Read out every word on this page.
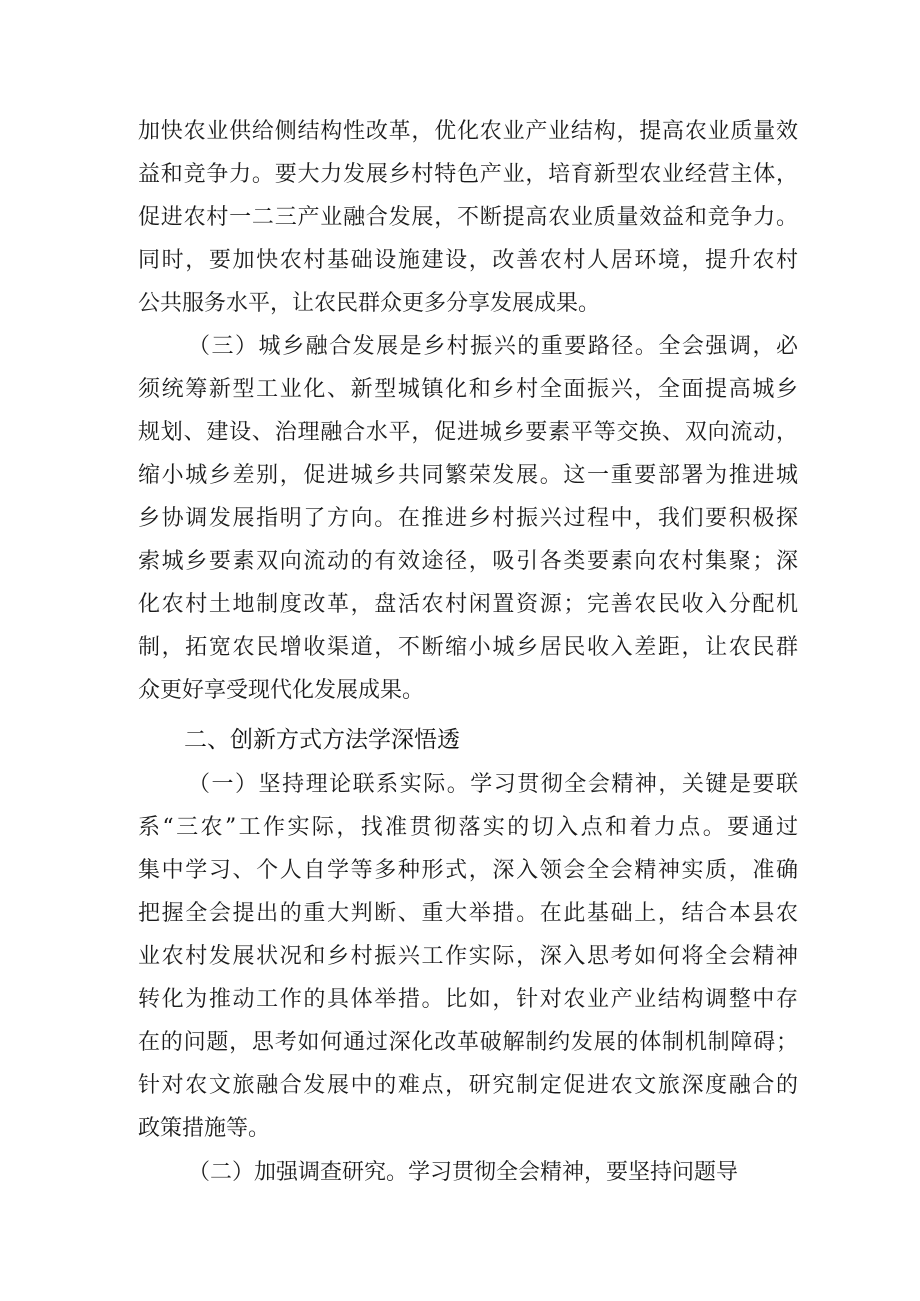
加快农业供给侧结构性改革，优化农业产业结构，提高农业质量效
益和竞争力。要大力发展乡村特色产业，培育新型农业经营主体，
促进农村一二三产业融合发展，不断提高农业质量效益和竞争力。
同时，要加快农村基础设施建设，改善农村人居环境，提升农村
公共服务水平，让农民群众更多分享发展成果。
（三）城乡融合发展是乡村振兴的重要路径。全会强调，必
须统筹新型工业化、新型城镇化和乡村全面振兴，全面提高城乡
规划、建设、治理融合水平，促进城乡要素平等交换、双向流动，
缩小城乡差别，促进城乡共同繁荣发展。这一重要部署为推进城
乡协调发展指明了方向。在推进乡村振兴过程中，我们要积极探
索城乡要素双向流动的有效途径，吸引各类要素向农村集聚；深
化农村土地制度改革，盘活农村闲置资源；完善农民收入分配机
制，拓宽农民增收渠道，不断缩小城乡居民收入差距，让农民群
众更好享受现代化发展成果。
二、创新方式方法学深悟透
（一）坚持理论联系实际。学习贯彻全会精神，关键是要联
系“三农”工作实际，找准贯彻落实的切入点和着力点。要通过
集中学习、个人自学等多种形式，深入领会全会精神实质，准确
把握全会提出的重大判断、重大举措。在此基础上，结合本县农
业农村发展状况和乡村振兴工作实际，深入思考如何将全会精神
转化为推动工作的具体举措。比如，针对农业产业结构调整中存
在的问题，思考如何通过深化改革破解制约发展的体制机制障碍；
针对农文旅融合发展中的难点，研究制定促进农文旅深度融合的
政策措施等。
（二）加强调查研究。学习贯彻全会精神，要坚持问题导
